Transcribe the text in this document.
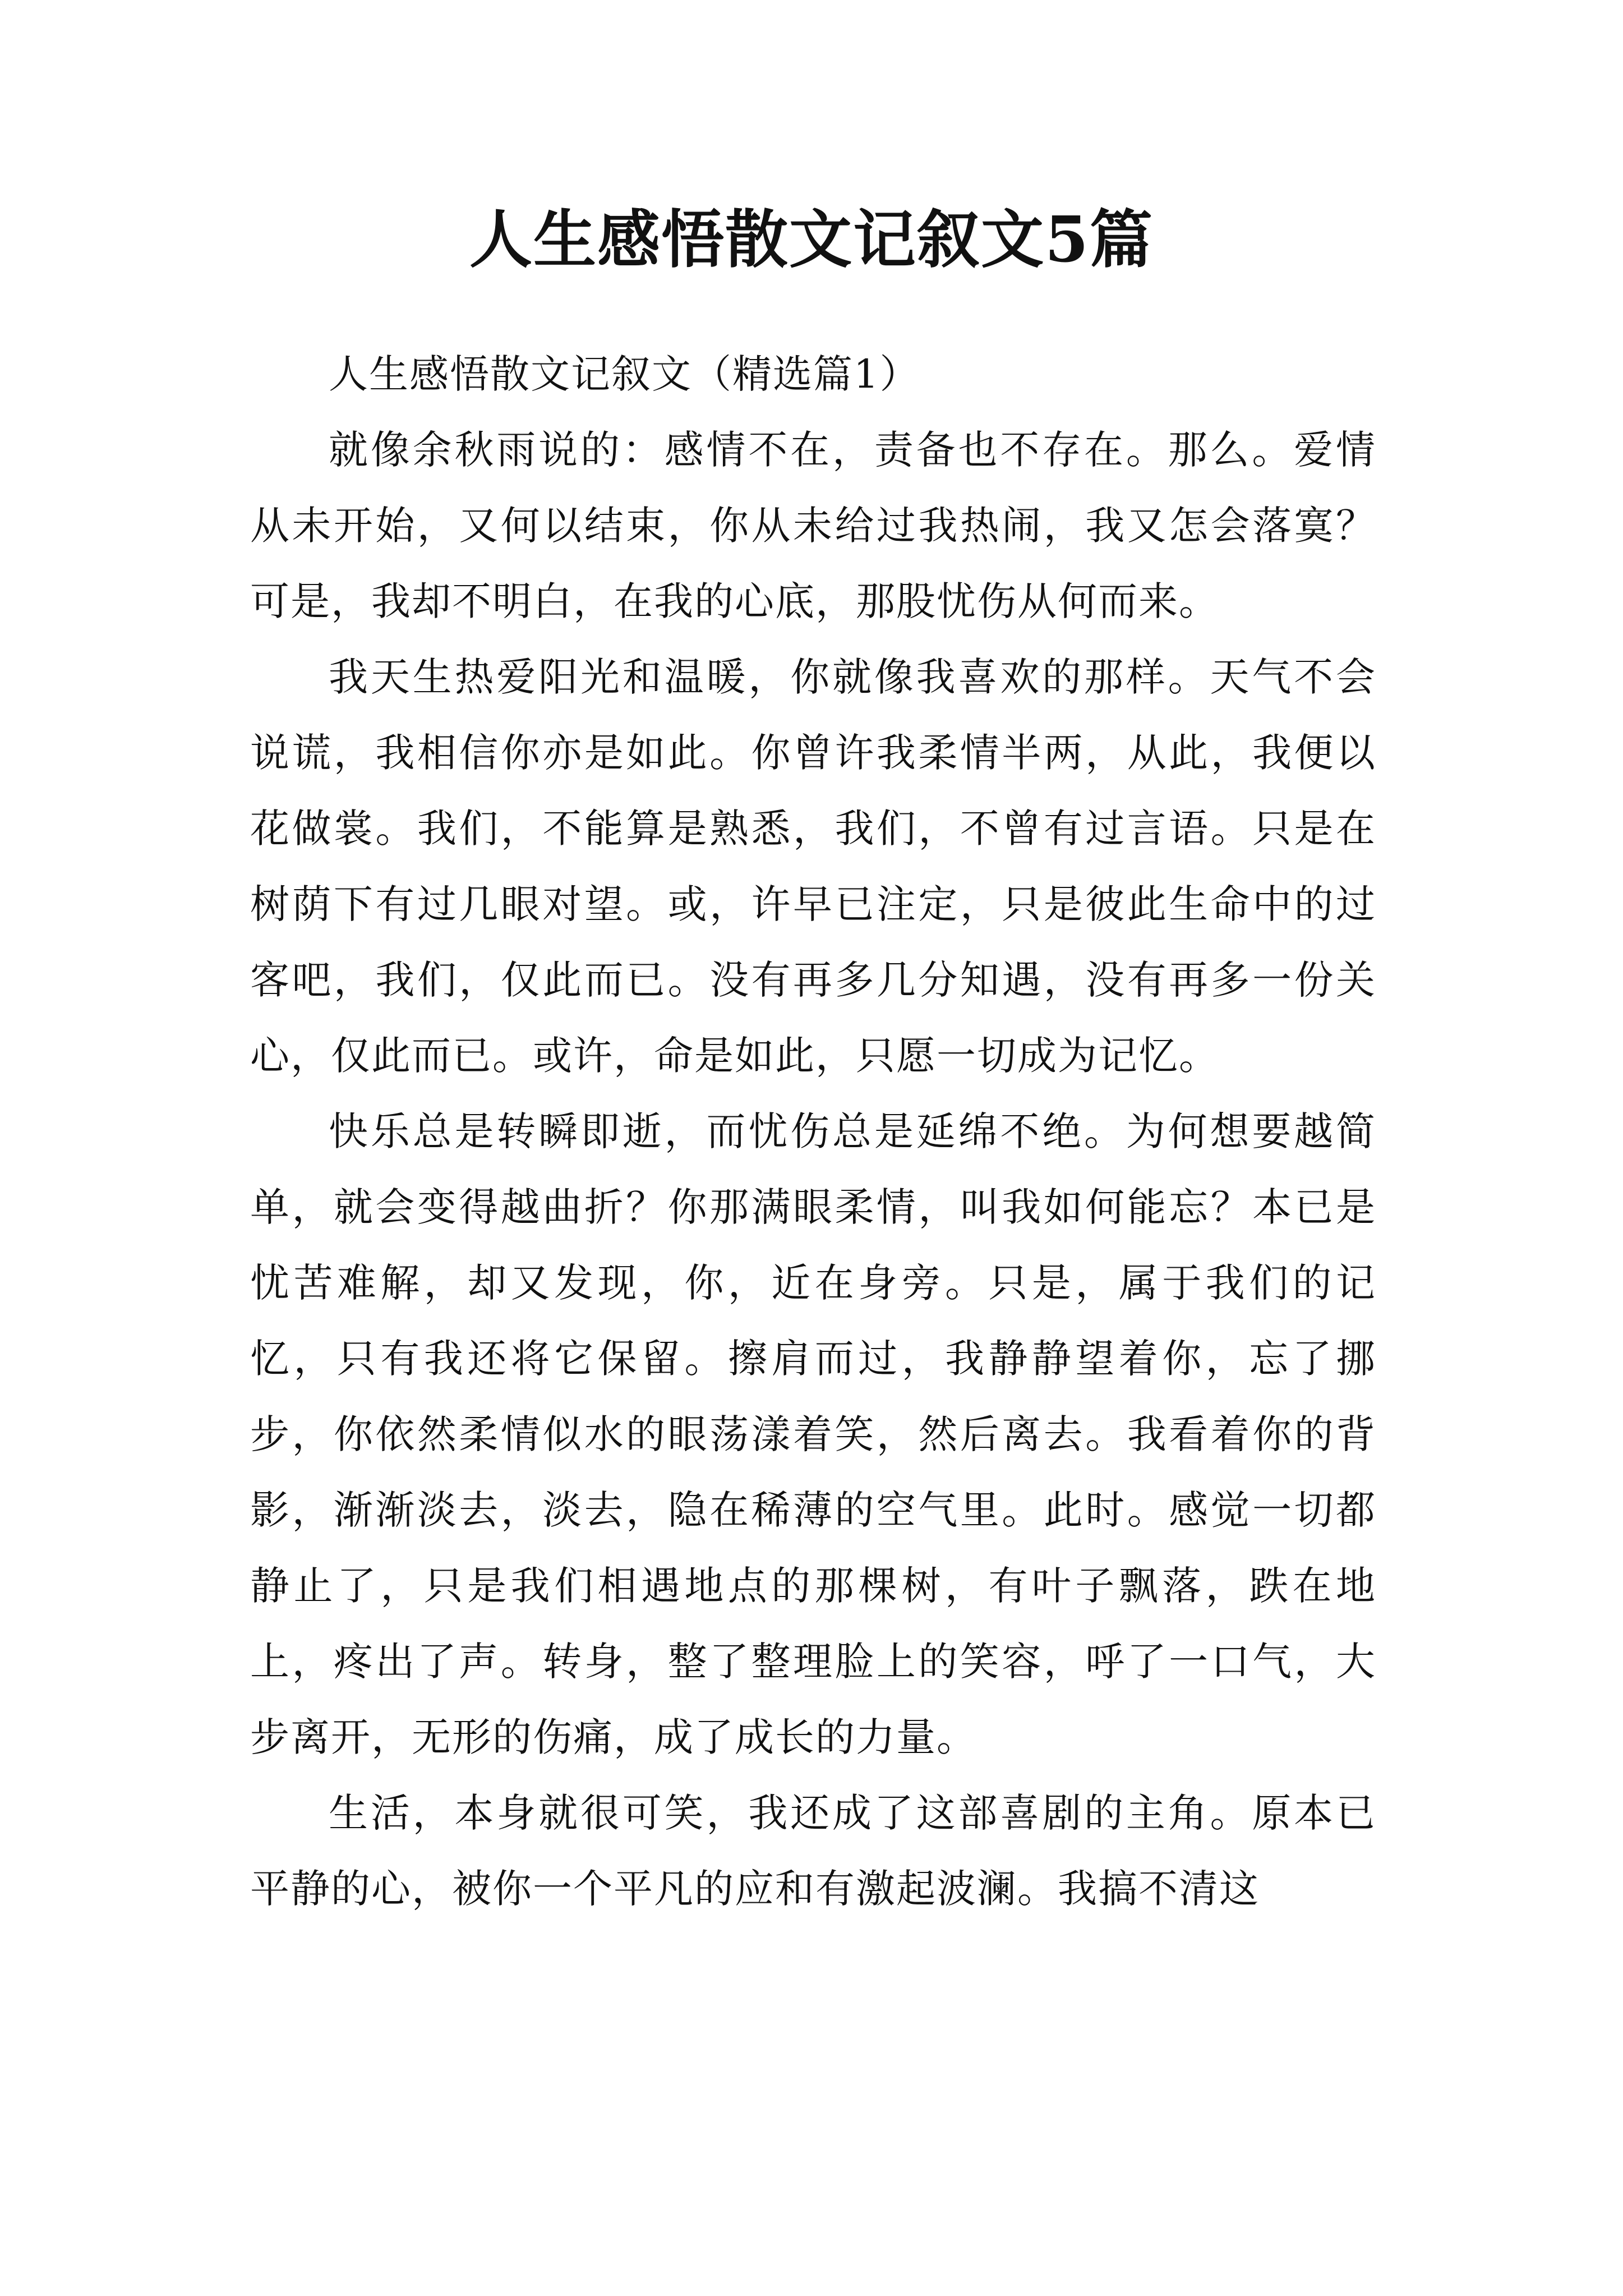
人生感悟散文记叙文5篇

人生感悟散文记叙文（精选篇1）

就像余秋雨说的：感情不在，责备也不存在。那么。爱情从未开始，又何以结束，你从未给过我热闹，我又怎会落寞？可是，我却不明白，在我的心底，那股忧伤从何而来。

我天生热爱阳光和温暖，你就像我喜欢的那样。天气不会说谎，我相信你亦是如此。你曾许我柔情半两，从此，我便以花做裳。我们，不能算是熟悉，我们，不曾有过言语。只是在树荫下有过几眼对望。或，许早已注定，只是彼此生命中的过客吧，我们，仅此而已。没有再多几分知遇，没有再多一份关心，仅此而已。或许，命是如此，只愿一切成为记忆。

快乐总是转瞬即逝，而忧伤总是延绵不绝。为何想要越简单，就会变得越曲折？你那满眼柔情，叫我如何能忘？本已是忧苦难解，却又发现，你，近在身旁。只是，属于我们的记忆，只有我还将它保留。擦肩而过，我静静望着你，忘了挪步，你依然柔情似水的眼荡漾着笑，然后离去。我看着你的背影，渐渐淡去，淡去，隐在稀薄的空气里。此时。感觉一切都静止了，只是我们相遇地点的那棵树，有叶子飘落，跌在地上，疼出了声。转身，整了整理脸上的笑容，呼了一口气，大步离开，无形的伤痛，成了成长的力量。

生活，本身就很可笑，我还成了这部喜剧的主角。原本已平静的心，被你一个平凡的应和有激起波澜。我搞不清这
